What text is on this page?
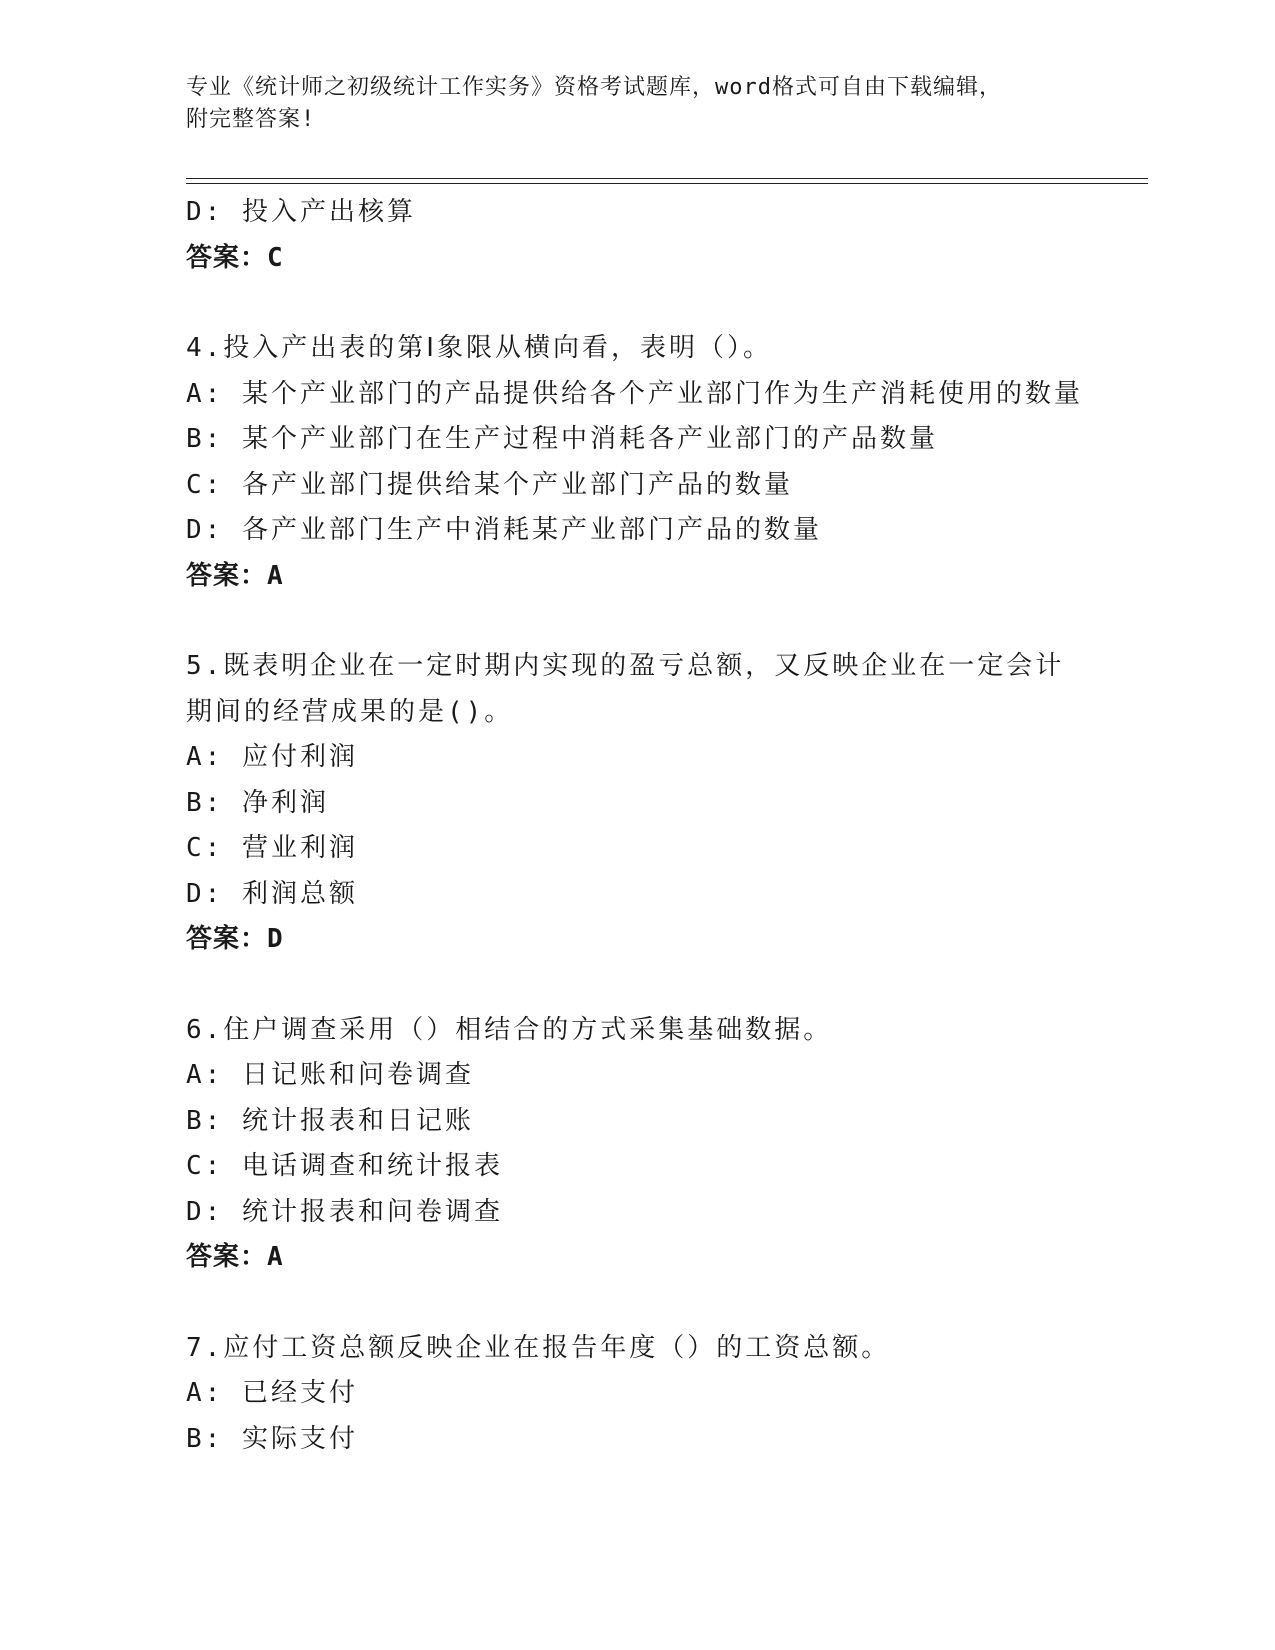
专业《统计师之初级统计工作实务》资格考试题库，word格式可自由下载编辑，
附完整答案!
D: 投入产出核算
答案：C
4.投入产出表的第Ⅰ象限从横向看，表明（）。
A: 某个产业部门的产品提供给各个产业部门作为生产消耗使用的数量
B: 某个产业部门在生产过程中消耗各产业部门的产品数量
C: 各产业部门提供给某个产业部门产品的数量
D: 各产业部门生产中消耗某产业部门产品的数量
答案：A
5.既表明企业在一定时期内实现的盈亏总额，又反映企业在一定会计
期间的经营成果的是()。
A: 应付利润
B: 净利润
C: 营业利润
D: 利润总额
答案：D
6.住户调查采用（）相结合的方式采集基础数据。
A: 日记账和问卷调查
B: 统计报表和日记账
C: 电话调查和统计报表
D: 统计报表和问卷调查
答案：A
7.应付工资总额反映企业在报告年度（）的工资总额。
A: 已经支付
B: 实际支付
